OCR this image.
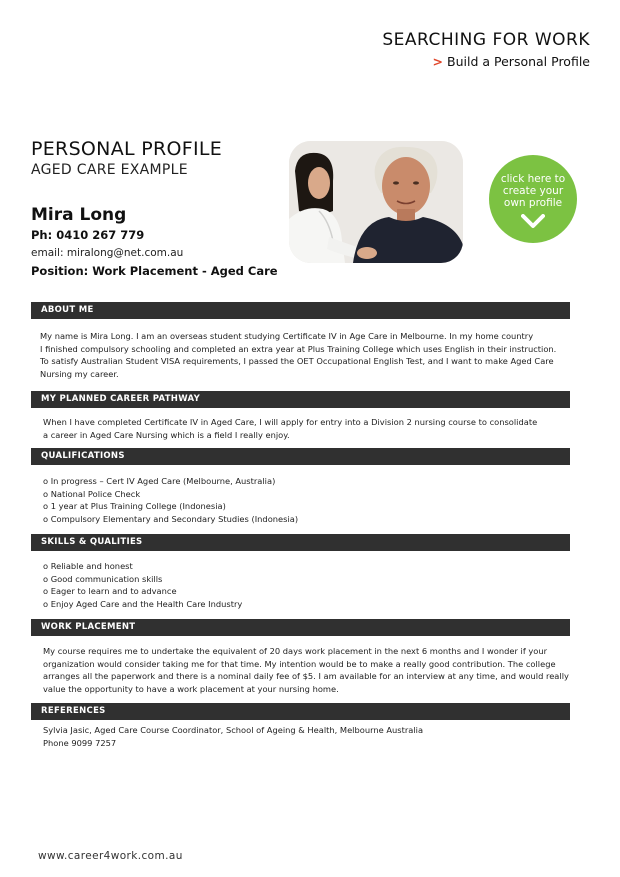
SEARCHING FOR WORK
> Build a Personal Profile
PERSONAL PROFILE
AGED CARE EXAMPLE
Mira Long
Ph: 0410 267 779
email: miralong@net.com.au
Position: Work Placement - Aged Care
click here to
create your
own profile
ABOUT ME

My name is Mira Long. I am an overseas student studying Certificate IV in Age Care in Melbourne. In my home country

I finished compulsory schooling and completed an extra year at Plus Training College which uses English in their instruction.

To satisfy Australian Student VISA requirements, I passed the OET Occupational English Test, and I want to make Aged Care

Nursing my career.

MY PLANNED CAREER PATHWAY

When I have completed Certificate IV in Aged Care, I will apply for entry into a Division 2 nursing course to consolidate

a career in Aged Care Nursing which is a field I really enjoy.

QUALIFICATIONS

o In progress – Cert IV Aged Care (Melbourne, Australia)

o National Police Check

o 1 year at Plus Training College (Indonesia)

o Compulsory Elementary and Secondary Studies (Indonesia)

SKILLS & QUALITIES

o Reliable and honest

o Good communication skills

o Eager to learn and to advance

o Enjoy Aged Care and the Health Care Industry

WORK PLACEMENT

My course requires me to undertake the equivalent of 20 days work placement in the next 6 months and I wonder if your

organization would consider taking me for that time. My intention would be to make a really good contribution. The college

arranges all the paperwork and there is a nominal daily fee of $5. I am available for an interview at any time, and would really

value the opportunity to have a work placement at your nursing home.

REFERENCES

Sylvia Jasic, Aged Care Course Coordinator, School of Ageing & Health, Melbourne Australia

Phone 9099 7257

www.career4work.com.au
